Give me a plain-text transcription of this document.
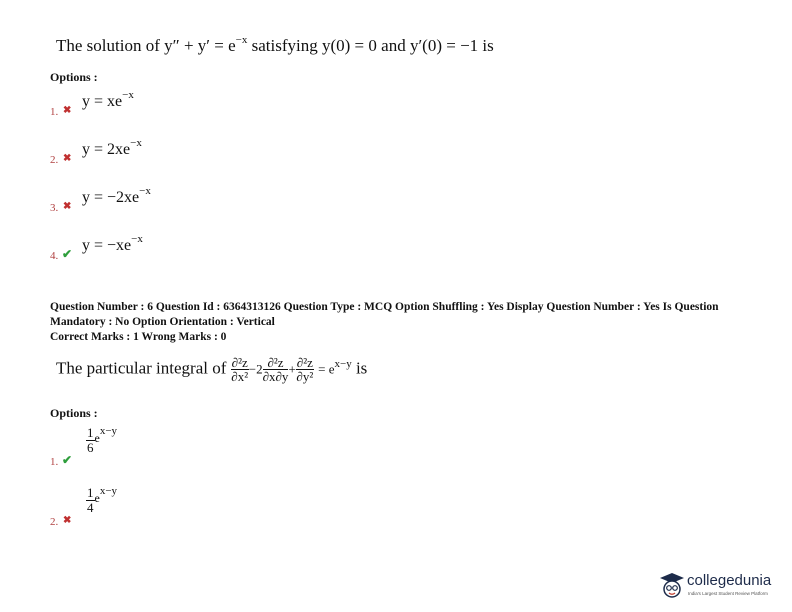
The solution of $y'' + y' = e^{-x}$ satisfying y(0) = 0 and y′(0) = −1 is
Options :
1. ✖
$y = xe^{-x}$
2. ✖
$y = 2xe^{-x}$
3. ✖
$y = -2xe^{-x}$
4. ✔ $y = -xe^{-x}$
Question Number : 6 Question Id : 6364313126 Question Type : MCQ Option Shuffling : Yes Display Question Number : Yes Is Question
Mandatory : No Option Orientation : Vertical
Correct Marks : 1 Wrong Marks : 0
The particular integral of $\frac{\text{∂²z}}{\text{∂x²}} -2 \frac{\text{∂²z}}{\partial x\partial y} + \frac{\text{∂²z}}{\text{∂y²}} = e^{x-y}$ is
Options :
1. ✔
$\frac{1}{6} e^{x-y}$
2. ✖
$\frac{1}{4} e^{x-y}$
collegedunia
India's Largest Student Review Platform
